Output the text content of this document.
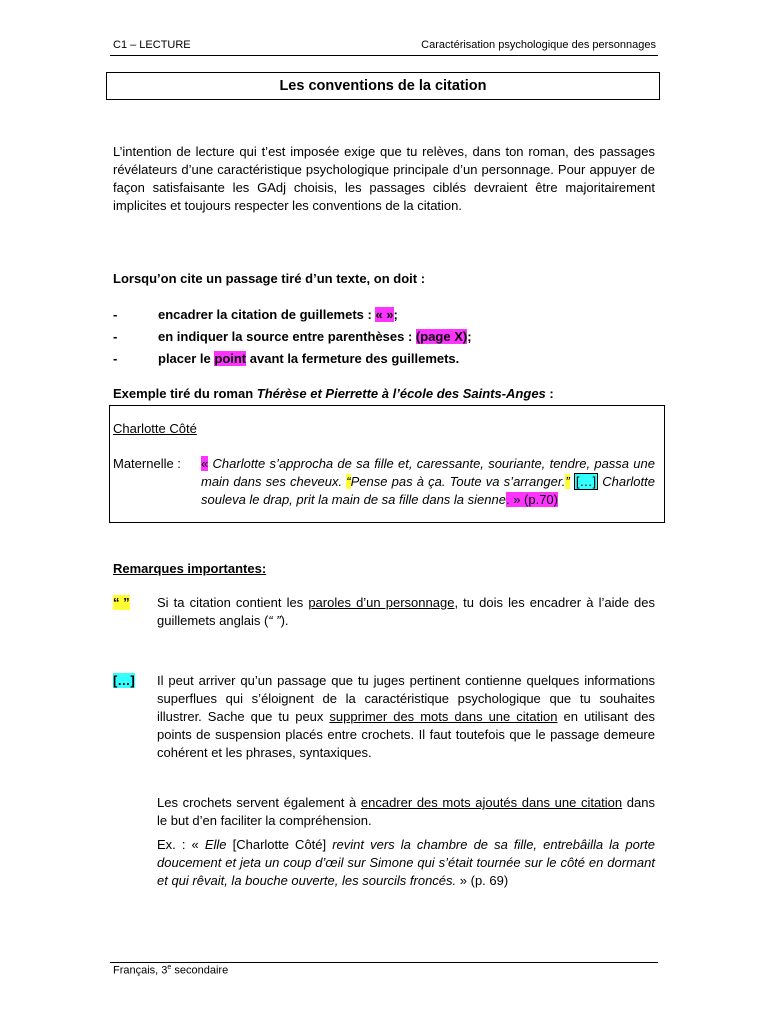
C1 – LECTURE	Caractérisation psychologique des personnages
Les conventions de la citation
L’intention de lecture qui t’est imposée exige que tu relèves, dans ton roman, des passages révélateurs d’une caractéristique psychologique principale d’un personnage. Pour appuyer de façon satisfaisante les GAdj choisis, les passages ciblés devraient être majoritairement implicites et toujours respecter les conventions de la citation.
Lorsqu’on cite un passage tiré d’un texte, on doit :
-	encadrer la citation de guillemets : « »;
-	en indiquer la source entre parenthèses : (page X);
-	placer le point avant la fermeture des guillemets.
Exemple tiré du roman Thérèse et Pierrette à l’école des Saints-Anges :
Charlotte Côté
Maternelle : « Charlotte s’approcha de sa fille et, caressante, souriante, tendre, passa une main dans ses cheveux. “Pense pas à ça. Toute va s’arranger.” […] Charlotte souleva le drap, prit la main de sa fille dans la sienne. » (p.70)
Remarques importantes:
“ ” Si ta citation contient les paroles d’un personnage, tu dois les encadrer à l’aide des guillemets anglais (“ ”).
[…] Il peut arriver qu’un passage que tu juges pertinent contienne quelques informations superflues qui s’éloignent de la caractéristique psychologique que tu souhaites illustrer. Sache que tu peux supprimer des mots dans une citation en utilisant des points de suspension placés entre crochets. Il faut toutefois que le passage demeure cohérent et les phrases, syntaxiques.
Les crochets servent également à encadrer des mots ajoutés dans une citation dans le but d’en faciliter la compréhension.
Ex. : « Elle [Charlotte Côté] revint vers la chambre de sa fille, entrebâilla la porte doucement et jeta un coup d’œil sur Simone qui s’était tournée sur le côté en dormant et qui rêvait, la bouche ouverte, les sourcils froncés. » (p. 69)
Français, 3e secondaire
